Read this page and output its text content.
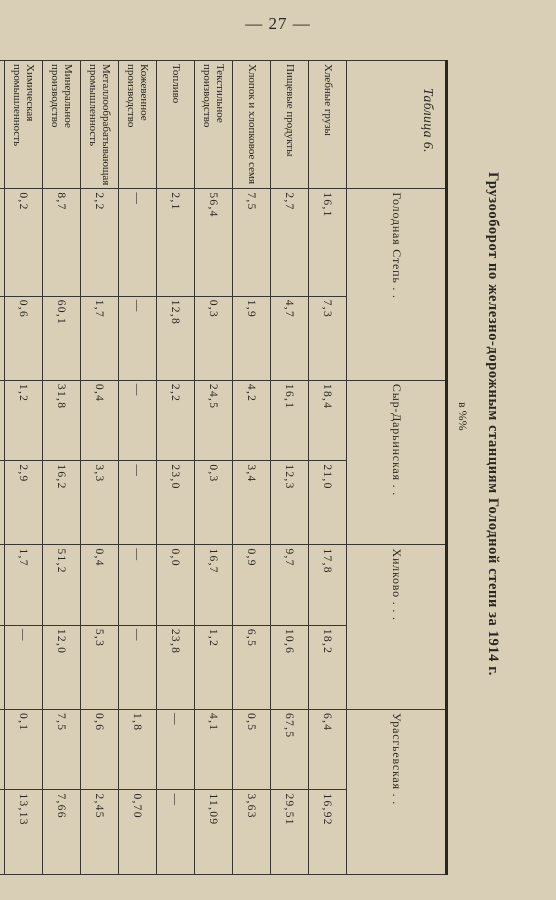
— 27 —
Грузооборот по железно-дорожным станциям Голодной степи за 1914 г.
Таблица 6.
в %%
	Голодная Степь . .		Сыр-Дарьинская . .		Хилково . . .		Урасгьевская . .	
Хлебные грузы	16,1	7,3	18,4	21,0	17,8	18,2	6,4	16,92
Пищевые продукты	2,7	4,7	16,1	12,3	9,7	10,6	67,5	29,51
Хлопок и хлопковое семя	7,5	1,9	4,2	3,4	0,9	6,5	0,5	3,63
Текстильное производство	56,4	0,3	24,5	0,3	16,7	1,2	4,1	11,09
Топливо	2,1	12,8	2,2	23,0	0,0	23,8	—	—
Кожевенное производство	—	—	—	—	—	—	1,8	0,70
Металлообрабатывающая промышленность	2,2	1,7	0,4	3,3	0,4	5,3	0,6	2,45
Минеральное производство	8,7	60,1	31,8	16,2	51,2	12,0	7,5	7,66
Химическая промышленность	0,2	0,6	1,2	2,9	1,7	—	0,1	13,13
